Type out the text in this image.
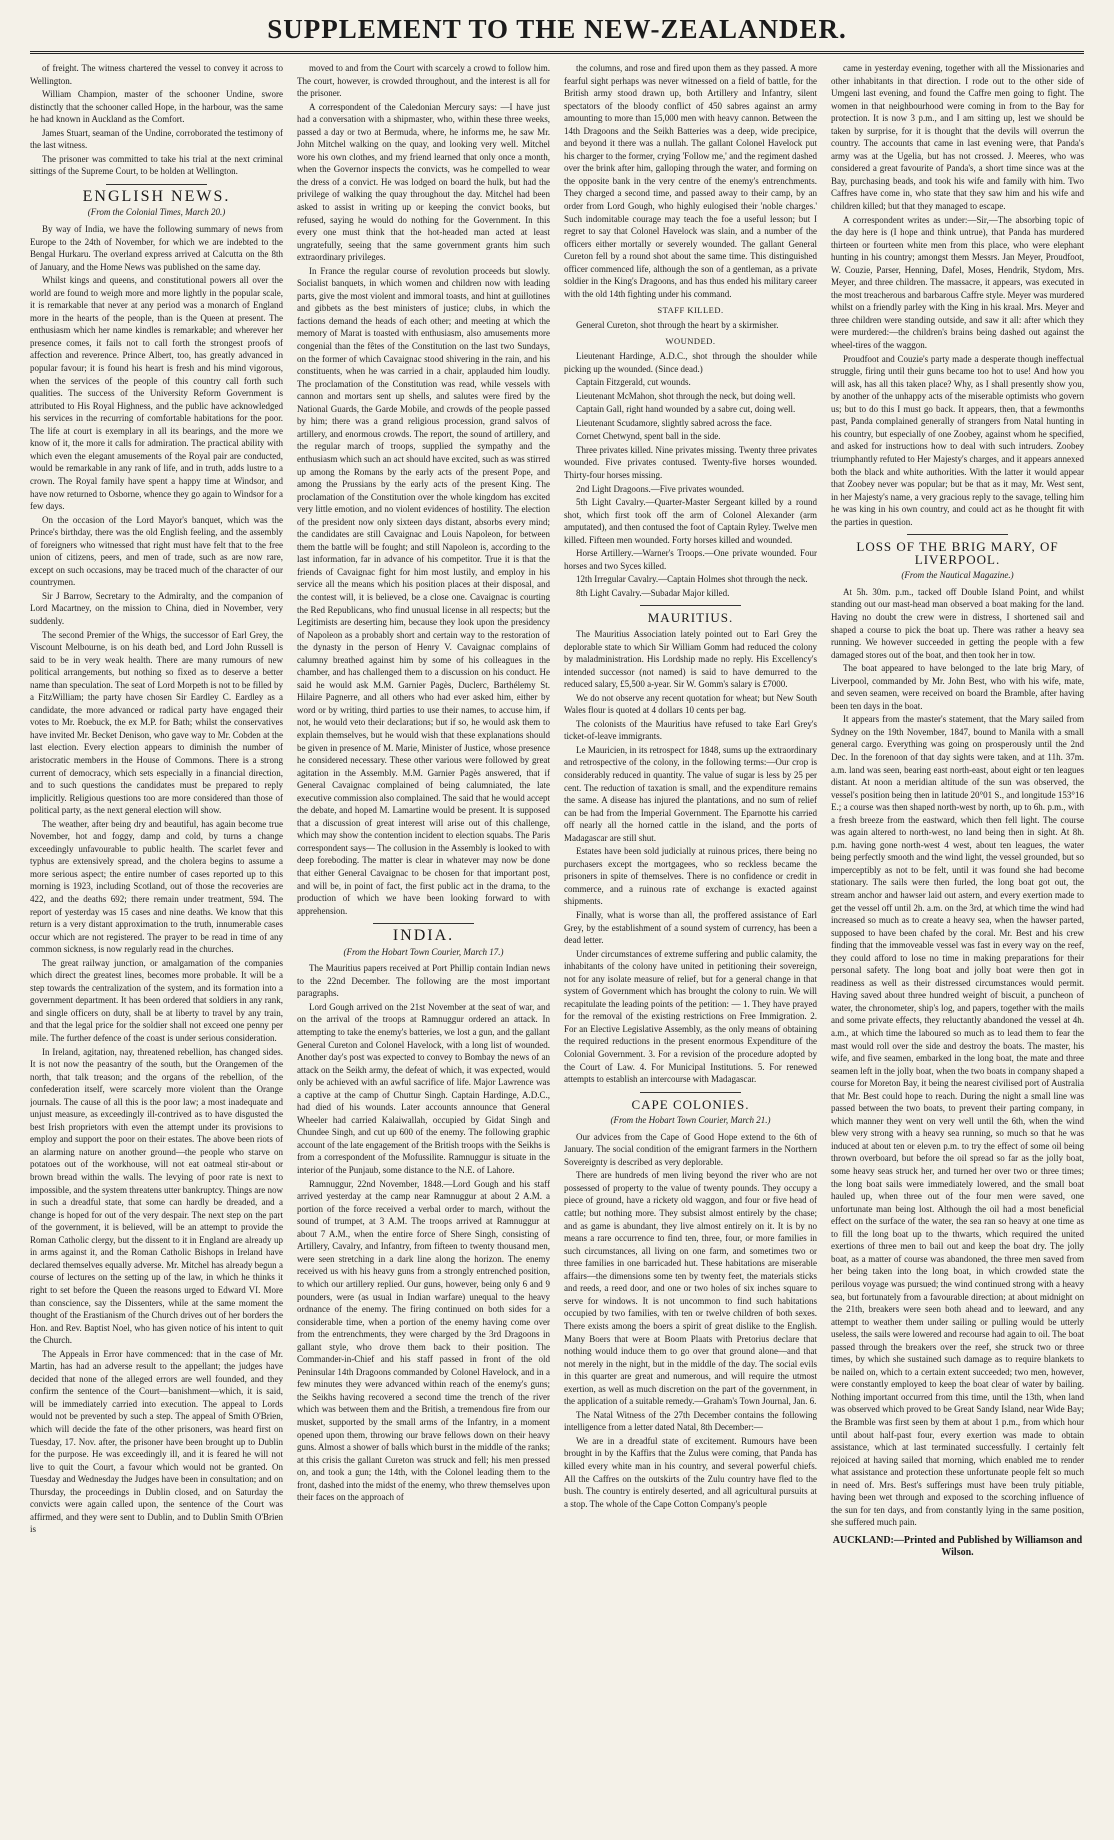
SUPPLEMENT TO THE NEW-ZEALANDER.

of freight. The witness chartered the vessel to convey it across to Wellington.

William Champion, master of the schooner Undine, swore distinctly that the schooner called Hope, in the harbour, was the same he had known in Auckland as the Comfort.

James Stuart, seaman of the Undine, corroborated the testimony of the last witness.

The prisoner was committed to take his trial at the next criminal sittings of the Supreme Court, to be holden at Wellington.

ENGLISH NEWS.
(From the Colonial Times, March 20.)

By way of India, we have the following summary of news from Europe to the 24th of November, for which we are indebted to the Bengal Hurkaru. The overland express arrived at Calcutta on the 8th of January, and the Home News was published on the same day.

Whilst kings and queens, and constitutional powers all over the world are found to weigh more and more lightly in the popular scale, it is remarkable that never at any period was a monarch of England more in the hearts of the people, than is the Queen at present. The enthusiasm which her name kindles is remarkable; and wherever her presence comes, it fails not to call forth the strongest proofs of affection and reverence. Prince Albert, too, has greatly advanced in popular favour; it is found his heart is fresh and his mind vigorous, when the services of the people of this country call forth such qualities. The success of the University Reform Government is attributed to His Royal Highness, and the public have acknowledged his services in the recurring of comfortable habitations for the poor. The life at court is exemplary in all its bearings, and the more we know of it, the more it calls for admiration. The practical ability with which even the elegant amusements of the Royal pair are conducted, would be remarkable in any rank of life, and in truth, adds lustre to a crown. The Royal family have spent a happy time at Windsor, and have now returned to Osborne, whence they go again to Windsor for a few days.

On the occasion of the Lord Mayor's banquet, which was the Prince's birthday, there was the old English feeling, and the assembly of foreigners who witnessed that right must have felt that to the free union of citizens, peers, and men of trade, such as are now rare, except on such occasions, may be traced much of the character of our countrymen.

Sir J Barrow, Secretary to the Admiralty, and the companion of Lord Macartney, on the mission to China, died in November, very suddenly.

The second Premier of the Whigs, the successor of Earl Grey, the Viscount Melbourne, is on his death bed, and Lord John Russell is said to be in very weak health. There are many rumours of new political arrangements, but nothing so fixed as to deserve a better name than speculation. The seat of Lord Morpeth is not to be filled by a FitzWilliam; the party have chosen Sir Eardley C. Eardley as a candidate, the more advanced or radical party have engaged their votes to Mr. Roebuck, the ex M.P. for Bath; whilst the conservatives have invited Mr. Becket Denison, who gave way to Mr. Cobden at the last election. Every election appears to diminish the number of aristocratic members in the House of Commons. There is a strong current of democracy, which sets especially in a financial direction, and to such questions the candidates must be prepared to reply implicitly. Religious questions too are more considered than those of political party, as the next general election will show.

The weather, after being dry and beautiful, has again become true November, hot and foggy, damp and cold, by turns a change exceedingly unfavourable to public health. The scarlet fever and typhus are extensively spread, and the cholera begins to assume a more serious aspect; the entire number of cases reported up to this morning is 1923, including Scotland, out of those the recoveries are 422, and the deaths 692; there remain under treatment, 594. The report of yesterday was 15 cases and nine deaths. We know that this return is a very distant approximation to the truth, innumerable cases occur which are not registered. The prayer to be read in time of any common sickness, is now regularly read in the churches.

The great railway junction, or amalgamation of the companies which direct the greatest lines, becomes more probable. It will be a step towards the centralization of the system, and its formation into a government department. It has been ordered that soldiers in any rank, and single officers on duty, shall be at liberty to travel by any train, and that the legal price for the soldier shall not exceed one penny per mile. The further defence of the coast is under serious consideration.

In Ireland, agitation, nay, threatened rebellion, has changed sides. It is not now the peasantry of the south, but the Orangemen of the north, that talk treason; and the organs of the rebellion, of the confederation itself, were scarcely more violent than the Orange journals. The cause of all this is the poor law; a most inadequate and unjust measure, as exceedingly ill-contrived as to have disgusted the best Irish proprietors with even the attempt under its provisions to employ and support the poor on their estates. The above been riots of an alarming nature on another ground—the people who starve on potatoes out of the workhouse, will not eat oatmeal stir-about or brown bread within the walls. The levying of poor rate is next to impossible, and the system threatens utter bankruptcy. Things are now in such a dreadful state, that some can hardly be dreaded, and a change is hoped for out of the very despair. The next step on the part of the government, it is believed, will be an attempt to provide the Roman Catholic clergy, but the dissent to it in England are already up in arms against it, and the Roman Catholic Bishops in Ireland have declared themselves equally adverse. Mr. Mitchel has already begun a course of lectures on the setting up of the law, in which he thinks it right to set before the Queen the reasons urged to Edward VI. More than conscience, say the Dissenters, while at the same moment the thought of the Erastianism of the Church drives out of her borders the Hon. and Rev. Baptist Noel, who has given notice of his intent to quit the Church.

The Appeals in Error have commenced: that in the case of Mr. Martin, has had an adverse result to the appellant; the judges have decided that none of the alleged errors are well founded, and they confirm the sentence of the Court—banishment—which, it is said, will be immediately carried into execution. The appeal to Lords would not be prevented by such a step. The appeal of Smith O'Brien, which will decide the fate of the other prisoners, was heard first on Tuesday, 17. Nov. after, the prisoner have been brought up to Dublin for the purpose. He was exceedingly ill, and it is feared he will not live to quit the Court, a favour which would not be granted. On Tuesday and Wednesday the Judges have been in consultation; and on Thursday, the proceedings in Dublin closed, and on Saturday the convicts were again called upon, the sentence of the Court was affirmed, and they were sent to Dublin, and to Dublin Smith O'Brien is

moved to and from the Court with scarcely a crowd to follow him. The court, however, is crowded throughout, and the interest is all for the prisoner.

A correspondent of the Caledonian Mercury says: —I have just had a conversation with a shipmaster, who, within these three weeks, passed a day or two at Bermuda, where, he informs me, he saw Mr. John Mitchel walking on the quay, and looking very well. Mitchel wore his own clothes, and my friend learned that only once a month, when the Governor inspects the convicts, was he compelled to wear the dress of a convict. He was lodged on board the hulk, but had the privilege of walking the quay throughout the day. Mitchel had been asked to assist in writing up or keeping the convict books, but refused, saying he would do nothing for the Government. In this every one must think that the hot-headed man acted at least ungratefully, seeing that the same government grants him such extraordinary privileges.

In France the regular course of revolution proceeds but slowly. Socialist banquets, in which women and children now with leading parts, give the most violent and immoral toasts, and hint at guillotines and gibbets as the best ministers of justice; clubs, in which the factions demand the heads of each other; and meeting at which the memory of Marat is toasted with enthusiasm, also amusements more congenial than the fêtes of the Constitution on the last two Sundays, on the former of which Cavaignac stood shivering in the rain, and his constituents, when he was carried in a chair, applauded him loudly. The proclamation of the Constitution was read, while vessels with cannon and mortars sent up shells, and salutes were fired by the National Guards, the Garde Mobile, and crowds of the people passed by him; there was a grand religious procession, grand salvos of artillery, and enormous crowds. The report, the sound of artillery, and the regular march of troops, supplied the sympathy and the enthusiasm which such an act should have excited, such as was stirred up among the Romans by the early acts of the present Pope, and among the Prussians by the early acts of the present King. The proclamation of the Constitution over the whole kingdom has excited very little emotion, and no violent evidences of hostility. The election of the president now only sixteen days distant, absorbs every mind; the candidates are still Cavaignac and Louis Napoleon, for between them the battle will be fought; and still Napoleon is, according to the last information, far in advance of his competitor. True it is that the friends of Cavaignac fight for him most lustily, and employ in his service all the means which his position places at their disposal, and the contest will, it is believed, be a close one. Cavaignac is courting the Red Republicans, who find unusual license in all respects; but the Legitimists are deserting him, because they look upon the presidency of Napoleon as a probably short and certain way to the restoration of the dynasty in the person of Henry V. Cavaignac complains of calumny breathed against him by some of his colleagues in the chamber, and has challenged them to a discussion on his conduct. He said he would ask M.M. Garnier Pagès, Duclerc, Barthélemy St. Hilaire Pagnerre, and all others who had ever asked him, either by word or by writing, third parties to use their names, to accuse him, if not, he would veto their declarations; but if so, he would ask them to explain themselves, but he would wish that these explanations should be given in presence of M. Marie, Minister of Justice, whose presence he considered necessary. These other various were followed by great agitation in the Assembly. M.M. Garnier Pagès answered, that if General Cavaignac complained of being calumniated, the late executive commission also complained. The said that he would accept the debate, and hoped M. Lamartine would be present. It is supposed that a discussion of great interest will arise out of this challenge, which may show the contention incident to election squabs. The Paris correspondent says— The collusion in the Assembly is looked to with deep foreboding. The matter is clear in whatever may now be done that either General Cavaignac to be chosen for that important post, and will be, in point of fact, the first public act in the drama, to the production of which we have been looking forward to with apprehension.

INDIA.
(From the Hobart Town Courier, March 17.)

The Mauritius papers received at Port Phillip contain Indian news to the 22nd December. The following are the most important paragraphs.

Lord Gough arrived on the 21st November at the seat of war, and on the arrival of the troops at Ramnuggur ordered an attack. In attempting to take the enemy's batteries, we lost a gun, and the gallant General Cureton and Colonel Havelock, with a long list of wounded. Another day's post was expected to convey to Bombay the news of an attack on the Seikh army, the defeat of which, it was expected, would only be achieved with an awful sacrifice of life. Major Lawrence was a captive at the camp of Chuttur Singh. Captain Hardinge, A.D.C., had died of his wounds. Later accounts announce that General Wheeler had carried Kalaiwallah, occupied by Gidat Singh and Chundee Singh, and cut up 600 of the enemy. The following graphic account of the late engagement of the British troops with the Seikhs is from a correspondent of the Mofussilite. Ramnuggur is situate in the interior of the Punjaub, some distance to the N.E. of Lahore.

Ramnuggur, 22nd November, 1848.—Lord Gough and his staff arrived yesterday at the camp near Ramnuggur at about 2 A.M. a portion of the force received a verbal order to march, without the sound of trumpet, at 3 A.M. The troops arrived at Ramnuggur at about 7 A.M., when the entire force of Shere Singh, consisting of Artillery, Cavalry, and Infantry, from fifteen to twenty thousand men, were seen stretching in a dark line along the horizon. The enemy received us with his heavy guns from a strongly entrenched position, to which our artillery replied. Our guns, however, being only 6 and 9 pounders, were (as usual in Indian warfare) unequal to the heavy ordnance of the enemy. The firing continued on both sides for a considerable time, when a portion of the enemy having come over from the entrenchments, they were charged by the 3rd Dragoons in gallant style, who drove them back to their position. The Commander-in-Chief and his staff passed in front of the old Peninsular 14th Dragoons commanded by Colonel Havelock, and in a few minutes they were advanced within reach of the enemy's guns; the Seikhs having recovered a second time the trench of the river which was between them and the British, a tremendous fire from our musket, supported by the small arms of the Infantry, in a moment opened upon them, throwing our brave fellows down on their heavy guns. Almost a shower of balls which burst in the middle of the ranks; at this crisis the gallant Cureton was struck and fell; his men pressed on, and took a gun; the 14th, with the Colonel leading them to the front, dashed into the midst of the enemy, who threw themselves upon their faces on the approach of

the columns, and rose and fired upon them as they passed. A more fearful sight perhaps was never witnessed on a field of battle, for the British army stood drawn up, both Artillery and Infantry, silent spectators of the bloody conflict of 450 sabres against an army amounting to more than 15,000 men with heavy cannon. Between the 14th Dragoons and the Seikh Batteries was a deep, wide precipice, and beyond it there was a nullah. The gallant Colonel Havelock put his charger to the former, crying 'Follow me,' and the regiment dashed over the brink after him, galloping through the water, and forming on the opposite bank in the very centre of the enemy's entrenchments. They charged a second time, and passed away to their camp, by an order from Lord Gough, who highly eulogised their 'noble charges.' Such indomitable courage may teach the foe a useful lesson; but I regret to say that Colonel Havelock was slain, and a number of the officers either mortally or severely wounded. The gallant General Cureton fell by a round shot about the same time. This distinguished officer commenced life, although the son of a gentleman, as a private soldier in the King's Dragoons, and has thus ended his military career with the old 14th fighting under his command.

STAFF KILLED.

General Cureton, shot through the heart by a skirmisher.

WOUNDED.

Lieutenant Hardinge, A.D.C., shot through the shoulder while picking up the wounded. (Since dead.)

Captain Fitzgerald, cut wounds.

Lieutenant McMahon, shot through the neck, but doing well.

Captain Gall, right hand wounded by a sabre cut, doing well.

Lieutenant Scudamore, slightly sabred across the face.

Cornet Chetwynd, spent ball in the side.

Three privates killed. Nine privates missing. Twenty three privates wounded. Five privates contused. Twenty-five horses wounded. Thirty-four horses missing.

2nd Light Dragoons.—Five privates wounded.

5th Light Cavalry.—Quarter-Master Sergeant killed by a round shot, which first took off the arm of Colonel Alexander (arm amputated), and then contused the foot of Captain Ryley. Twelve men killed. Fifteen men wounded. Forty horses killed and wounded.

Horse Artillery.—Warner's Troops.—One private wounded. Four horses and two Syces killed.

12th Irregular Cavalry.—Captain Holmes shot through the neck.

8th Light Cavalry.—Subadar Major killed.

MAURITIUS.

The Mauritius Association lately pointed out to Earl Grey the deplorable state to which Sir William Gomm had reduced the colony by maladministration. His Lordship made no reply. His Excellency's intended successor (not named) is said to have demurred to the reduced salary, £5,500 a-year. Sir W. Gomm's salary is £7000.

We do not observe any recent quotation for wheat; but New South Wales flour is quoted at 4 dollars 10 cents per bag.

The colonists of the Mauritius have refused to take Earl Grey's ticket-of-leave immigrants.

Le Mauricien, in its retrospect for 1848, sums up the extraordinary and retrospective of the colony, in the following terms:—Our crop is considerably reduced in quantity. The value of sugar is less by 25 per cent. The reduction of taxation is small, and the expenditure remains the same. A disease has injured the plantations, and no sum of relief can be had from the Imperial Government. The Eparnotte his carried off nearly all the horned cattle in the island, and the ports of Madagascar are still shut.

Estates have been sold judicially at ruinous prices, there being no purchasers except the mortgagees, who so reckless became the prisoners in spite of themselves. There is no confidence or credit in commerce, and a ruinous rate of exchange is exacted against shipments.

Finally, what is worse than all, the proffered assistance of Earl Grey, by the establishment of a sound system of currency, has been a dead letter.

Under circumstances of extreme suffering and public calamity, the inhabitants of the colony have united in petitioning their sovereign, not for any isolate measure of relief, but for a general change in that system of Government which has brought the colony to ruin. We will recapitulate the leading points of the petition: — 1. They have prayed for the removal of the existing restrictions on Free Immigration. 2. For an Elective Legislative Assembly, as the only means of obtaining the required reductions in the present enormous Expenditure of the Colonial Government. 3. For a revision of the procedure adopted by the Court of Law. 4. For Municipal Institutions. 5. For renewed attempts to establish an intercourse with Madagascar.

CAPE COLONIES.
(From the Hobart Town Courier, March 21.)

Our advices from the Cape of Good Hope extend to the 6th of January. The social condition of the emigrant farmers in the Northern Sovereignty is described as very deplorable.

There are hundreds of men living beyond the river who are not possessed of property to the value of twenty pounds. They occupy a piece of ground, have a rickety old waggon, and four or five head of cattle; but nothing more. They subsist almost entirely by the chase; and as game is abundant, they live almost entirely on it. It is by no means a rare occurrence to find ten, three, four, or more families in such circumstances, all living on one farm, and sometimes two or three families in one barricaded hut. These habitations are miserable affairs—the dimensions some ten by twenty feet, the materials sticks and reeds, a reed door, and one or two holes of six inches square to serve for windows. It is not uncommon to find such habitations occupied by two families, with ten or twelve children of both sexes. There exists among the boers a spirit of great dislike to the English. Many Boers that were at Boom Plaats with Pretorius declare that nothing would induce them to go over that ground alone—and that not merely in the night, but in the middle of the day. The social evils in this quarter are great and numerous, and will require the utmost exertion, as well as much discretion on the part of the government, in the application of a suitable remedy.—Graham's Town Journal, Jan. 6.

The Natal Witness of the 27th December contains the following intelligence from a letter dated Natal, 8th December:—

We are in a dreadful state of excitement. Rumours have been brought in by the Kaffirs that the Zulus were coming, that Panda has killed every white man in his country, and several powerful chiefs. All the Caffres on the outskirts of the Zulu country have fled to the bush. The country is entirely deserted, and all agricultural pursuits at a stop. The whole of the Cape Cotton Company's people

came in yesterday evening, together with all the Missionaries and other inhabitants in that direction. I rode out to the other side of Umgeni last evening, and found the Caffre men going to fight. The women in that neighbourhood were coming in from to the Bay for protection. It is now 3 p.m., and I am sitting up, lest we should be taken by surprise, for it is thought that the devils will overrun the country. The accounts that came in last evening were, that Panda's army was at the Ugelia, but has not crossed. J. Meeres, who was considered a great favourite of Panda's, a short time since was at the Bay, purchasing beads, and took his wife and family with him. Two Caffres have come in, who state that they saw him and his wife and children killed; but that they managed to escape.

A correspondent writes as under:—Sir,—The absorbing topic of the day here is (I hope and think untrue), that Panda has murdered thirteen or fourteen white men from this place, who were elephant hunting in his country; amongst them Messrs. Jan Meyer, Proudfoot, W. Couzie, Parser, Henning, Dafel, Moses, Hendrik, Stydom, Mrs. Meyer, and three children. The massacre, it appears, was executed in the most treacherous and barbarous Caffre style. Meyer was murdered whilst on a friendly parley with the King in his kraal. Mrs. Meyer and three children were standing outside, and saw it all: after which they were murdered:—the children's brains being dashed out against the wheel-tires of the waggon.

Proudfoot and Couzie's party made a desperate though ineffectual struggle, firing until their guns became too hot to use! And how you will ask, has all this taken place? Why, as I shall presently show you, by another of the unhappy acts of the miserable optimists who govern us; but to do this I must go back. It appears, then, that a fewmonths past, Panda complained generally of strangers from Natal hunting in his country, but especially of one Zoobey, against whom he specified, and asked for instructions how to deal with such intruders. Zoobey triumphantly refuted to Her Majesty's charges, and it appears annexed both the black and white authorities. With the latter it would appear that Zoobey never was popular; but be that as it may, Mr. West sent, in her Majesty's name, a very gracious reply to the savage, telling him he was king in his own country, and could act as he thought fit with the parties in question.

LOSS OF THE BRIG MARY, OF LIVERPOOL.
(From the Nautical Magazine.)

At 5h. 30m. p.m., tacked off Double Island Point, and whilst standing out our mast-head man observed a boat making for the land. Having no doubt the crew were in distress, I shortened sail and shaped a course to pick the boat up. There was rather a heavy sea running. We however succeeded in getting the people with a few damaged stores out of the boat, and then took her in tow.

The boat appeared to have belonged to the late brig Mary, of Liverpool, commanded by Mr. John Best, who with his wife, mate, and seven seamen, were received on board the Bramble, after having been ten days in the boat.

It appears from the master's statement, that the Mary sailed from Sydney on the 19th November, 1847, bound to Manila with a small general cargo. Everything was going on prosperously until the 2nd Dec. In the forenoon of that day sights were taken, and at 11h. 37m. a.m. land was seen, bearing east north-east, about eight or ten leagues distant. At noon a meridian altitude of the sun was observed, the vessel's position being then in latitude 20°01 S., and longitude 153°16 E.; a course was then shaped north-west by north, up to 6h. p.m., with a fresh breeze from the eastward, which then fell light. The course was again altered to north-west, no land being then in sight. At 8h. p.m. having gone north-west 4 west, about ten leagues, the water being perfectly smooth and the wind light, the vessel grounded, but so imperceptibly as not to be felt, until it was found she had become stationary. The sails were then furled, the long boat got out, the stream anchor and hawser laid out astern, and every exertion made to get the vessel off until 2h. a.m. on the 3rd, at which time the wind had increased so much as to create a heavy sea, when the hawser parted, supposed to have been chafed by the coral. Mr. Best and his crew finding that the immoveable vessel was fast in every way on the reef, they could afford to lose no time in making preparations for their personal safety. The long boat and jolly boat were then got in readiness as well as their distressed circumstances would permit. Having saved about three hundred weight of biscuit, a puncheon of water, the chronometer, ship's log, and papers, together with the mails and some private effects, they reluctantly abandoned the vessel at 4h. a.m., at which time the laboured so much as to lead them to fear the mast would roll over the side and destroy the boats. The master, his wife, and five seamen, embarked in the long boat, the mate and three seamen left in the jolly boat, when the two boats in company shaped a course for Moreton Bay, it being the nearest civilised port of Australia that Mr. Best could hope to reach. During the night a small line was passed between the two boats, to prevent their parting company, in which manner they went on very well until the 6th, when the wind blew very strong with a heavy sea running, so much so that he was induced at about ten or eleven p.m. to try the effect of some oil being thrown overboard, but before the oil spread so far as the jolly boat, some heavy seas struck her, and turned her over two or three times; the long boat sails were immediately lowered, and the small boat hauled up, when three out of the four men were saved, one unfortunate man being lost. Although the oil had a most beneficial effect on the surface of the water, the sea ran so heavy at one time as to fill the long boat up to the thwarts, which required the united exertions of three men to bail out and keep the boat dry. The jolly boat, as a matter of course was abandoned, the three men saved from her being taken into the long boat, in which crowded state the perilous voyage was pursued; the wind continued strong with a heavy sea, but fortunately from a favourable direction; at about midnight on the 21th, breakers were seen both ahead and to leeward, and any attempt to weather them under sailing or pulling would be utterly useless, the sails were lowered and recourse had again to oil. The boat passed through the breakers over the reef, she struck two or three times, by which she sustained such damage as to require blankets to be nailed on, which to a certain extent succeeded; two men, however, were constantly employed to keep the boat clear of water by bailing. Nothing important occurred from this time, until the 13th, when land was observed which proved to be Great Sandy Island, near Wide Bay; the Bramble was first seen by them at about 1 p.m., from which hour until about half-past four, every exertion was made to obtain assistance, which at last terminated successfully. I certainly felt rejoiced at having sailed that morning, which enabled me to render what assistance and protection these unfortunate people felt so much in need of. Mrs. Best's sufferings must have been truly pitiable, having been wet through and exposed to the scorching influence of the sun for ten days, and from constantly lying in the same position, she suffered much pain.

AUCKLAND:—Printed and Published by Williamson and Wilson.
